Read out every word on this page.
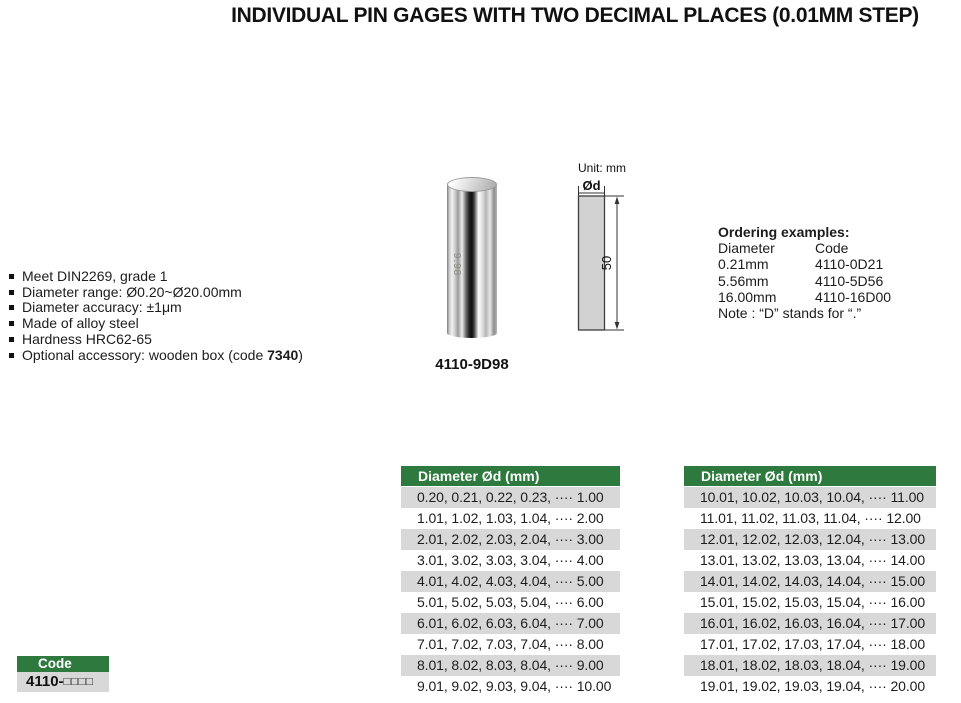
INDIVIDUAL PIN GAGES WITH TWO DECIMAL PLACES (0.01MM STEP)
Meet DIN2269, grade 1
Diameter range: Ø0.20~Ø20.00mm
Diameter accuracy: ±1μm
Made of alloy steel
Hardness HRC62-65
Optional accessory: wooden box (code 7340)
9.98
4110-9D98
Unit: mm
Ød
50
Ordering examples:
Diameter	Code
0.21mm	4110-0D21
5.56mm	4110-5D56
16.00mm	4110-16D00
Note : “D” stands for “.”
Diameter Ød (mm)
0.20, 0.21, 0.22, 0.23, ···· 1.00
1.01, 1.02, 1.03, 1.04, ···· 2.00
2.01, 2.02, 2.03, 2.04, ···· 3.00
3.01, 3.02, 3.03, 3.04, ···· 4.00
4.01, 4.02, 4.03, 4.04, ···· 5.00
5.01, 5.02, 5.03, 5.04, ···· 6.00
6.01, 6.02, 6.03, 6.04, ···· 7.00
7.01, 7.02, 7.03, 7.04, ···· 8.00
8.01, 8.02, 8.03, 8.04, ···· 9.00
9.01, 9.02, 9.03, 9.04, ···· 10.00
Diameter Ød (mm)
10.01, 10.02, 10.03, 10.04, ···· 11.00
11.01, 11.02, 11.03, 11.04, ···· 12.00
12.01, 12.02, 12.03, 12.04, ···· 13.00
13.01, 13.02, 13.03, 13.04, ···· 14.00
14.01, 14.02, 14.03, 14.04, ···· 15.00
15.01, 15.02, 15.03, 15.04, ···· 16.00
16.01, 16.02, 16.03, 16.04, ···· 17.00
17.01, 17.02, 17.03, 17.04, ···· 18.00
18.01, 18.02, 18.03, 18.04, ···· 19.00
19.01, 19.02, 19.03, 19.04, ···· 20.00
Code
4110-□□□□
